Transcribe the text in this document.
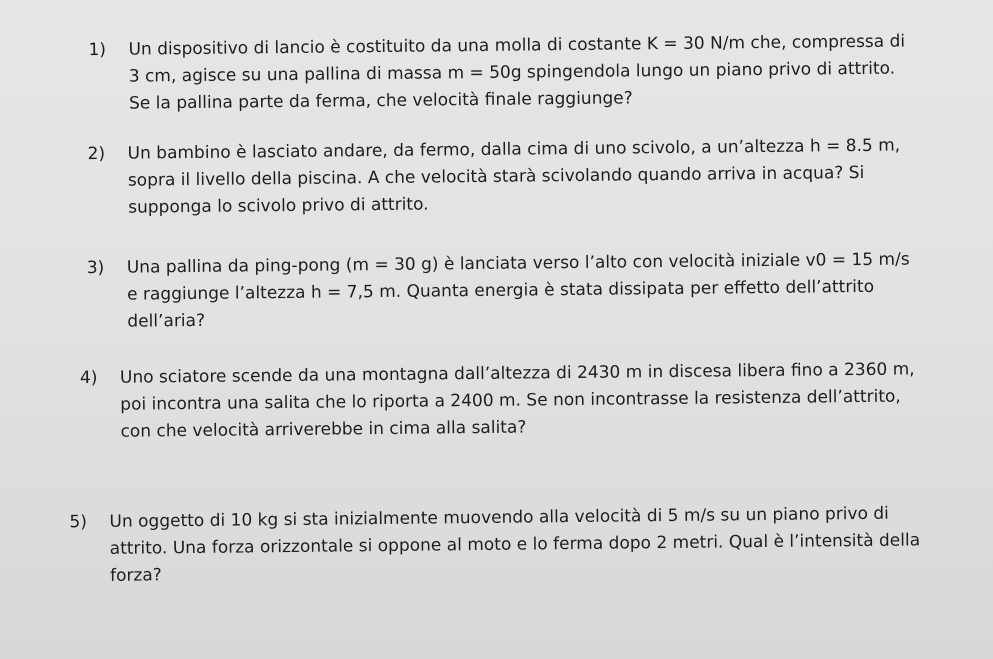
1)	Un dispositivo di lancio è costituito da una molla di costante K = 30 N/m che, compressa di 3 cm, agisce su una pallina di massa m = 50g spingendola lungo un piano privo di attrito. Se la pallina parte da ferma, che velocità finale raggiunge?
2)	Un bambino è lasciato andare, da fermo, dalla cima di uno scivolo, a un’altezza h = 8.5 m, sopra il livello della piscina. A che velocità starà scivolando quando arriva in acqua? Si supponga lo scivolo privo di attrito.
3)	Una pallina da ping-pong (m = 30 g) è lanciata verso l’alto con velocità iniziale v0 = 15 m/s e raggiunge l’altezza h = 7,5 m. Quanta energia è stata dissipata per effetto dell’attrito dell’aria?
4)	Uno sciatore scende da una montagna dall’altezza di 2430 m in discesa libera fino a 2360 m, poi incontra una salita che lo riporta a 2400 m. Se non incontrasse la resistenza dell’attrito, con che velocità arriverebbe in cima alla salita?
5)	Un oggetto di 10 kg si sta inizialmente muovendo alla velocità di 5 m/s su un piano privo di attrito. Una forza orizzontale si oppone al moto e lo ferma dopo 2 metri. Qual è l’intensità della forza?
